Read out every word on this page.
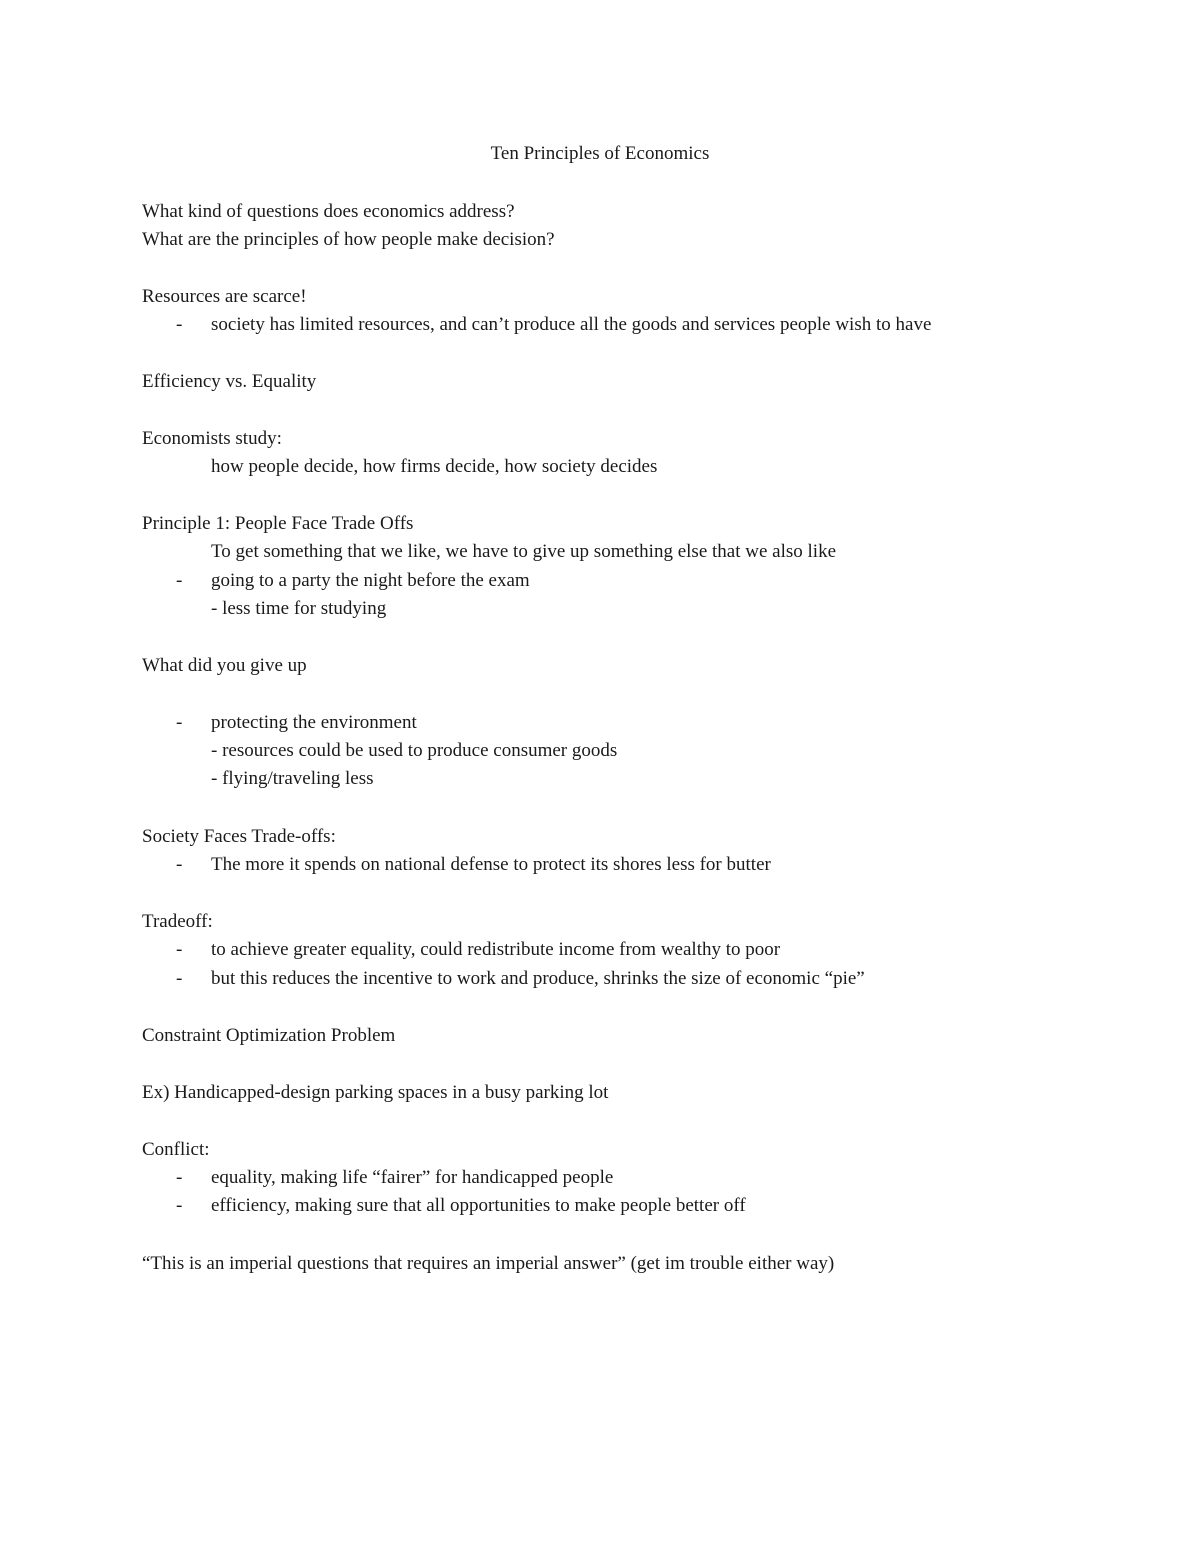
Ten Principles of Economics
What kind of questions does economics address?
What are the principles of how people make decision?
Resources are scarce!
- society has limited resources, and can’t produce all the goods and services people wish to have
Efficiency vs. Equality
Economists study:
how people decide, how firms decide, how society decides
Principle 1: People Face Trade Offs
To get something that we like, we have to give up something else that we also like
- going to a party the night before the exam
- less time for studying
What did you give up
- protecting the environment
- resources could be used to produce consumer goods
- flying/traveling less
Society Faces Trade-offs:
- The more it spends on national defense to protect its shores less for butter
Tradeoff:
- to achieve greater equality, could redistribute income from wealthy to poor
- but this reduces the incentive to work and produce, shrinks the size of economic “pie”
Constraint Optimization Problem
Ex) Handicapped-design parking spaces in a busy parking lot
Conflict:
- equality, making life “fairer” for handicapped people
- efficiency, making sure that all opportunities to make people better off
“This is an imperial questions that requires an imperial answer” (get im trouble either way)
